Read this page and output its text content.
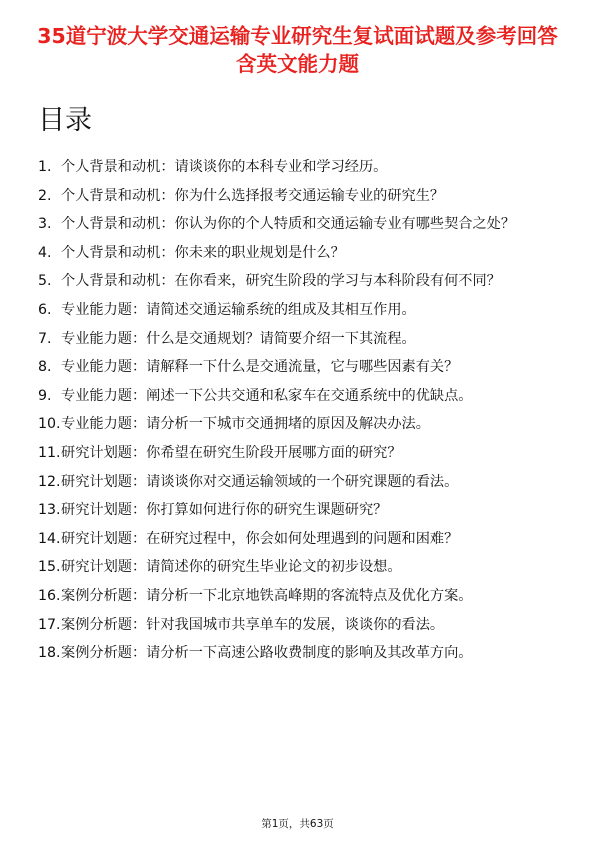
35道宁波大学交通运输专业研究生复试面试题及参考回答含英文能力题
目录
1. 个人背景和动机：请谈谈你的本科专业和学习经历。
2. 个人背景和动机：你为什么选择报考交通运输专业的研究生？
3. 个人背景和动机：你认为你的个人特质和交通运输专业有哪些契合之处？
4. 个人背景和动机：你未来的职业规划是什么？
5. 个人背景和动机：在你看来，研究生阶段的学习与本科阶段有何不同？
6. 专业能力题：请简述交通运输系统的组成及其相互作用。
7. 专业能力题：什么是交通规划？请简要介绍一下其流程。
8. 专业能力题：请解释一下什么是交通流量，它与哪些因素有关？
9. 专业能力题：阐述一下公共交通和私家车在交通系统中的优缺点。
10. 专业能力题：请分析一下城市交通拥堵的原因及解决办法。
11. 研究计划题：你希望在研究生阶段开展哪方面的研究？
12. 研究计划题：请谈谈你对交通运输领域的一个研究课题的看法。
13. 研究计划题：你打算如何进行你的研究生课题研究？
14. 研究计划题：在研究过程中，你会如何处理遇到的问题和困难？
15. 研究计划题：请简述你的研究生毕业论文的初步设想。
16. 案例分析题：请分析一下北京地铁高峰期的客流特点及优化方案。
17. 案例分析题：针对我国城市共享单车的发展，谈谈你的看法。
18. 案例分析题：请分析一下高速公路收费制度的影响及其改革方向。
第1页，共63页
